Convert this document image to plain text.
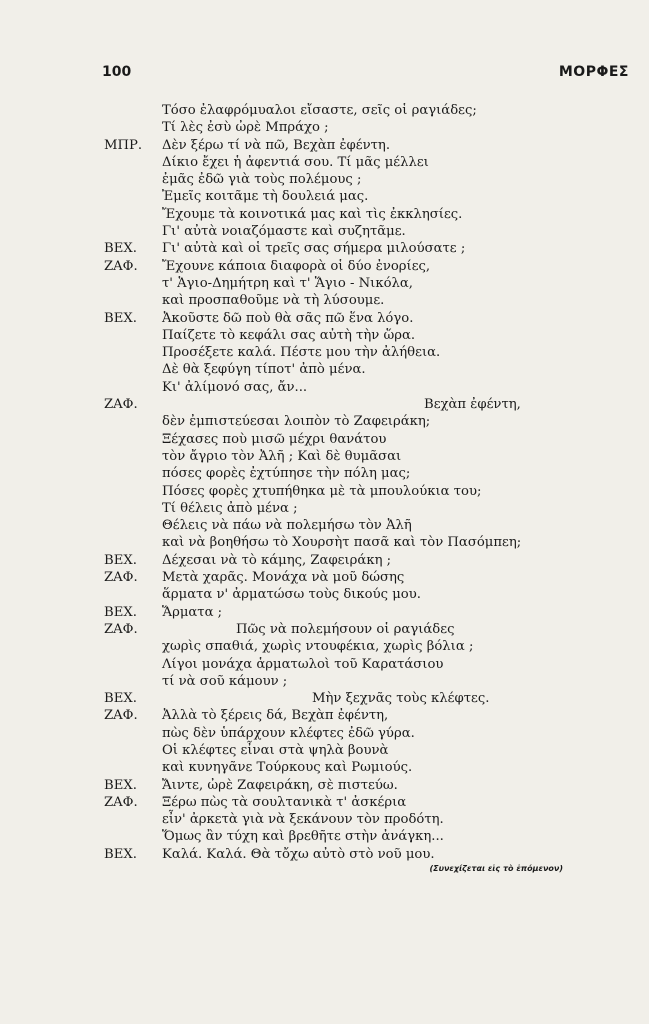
100	ΜΟΡΦΕΣ
Τόσο ἐλαφρόμυαλοι εἴσαστε, σεῖς οἱ ραγιάδες;
Τί λὲς ἐσὺ ὠρὲ Μπράχο ;
ΜΠΡ. Δὲν ξέρω τί νὰ πῶ, Βεχὰπ ἐφέντη.
Δίκιο ἔχει ἡ ἀφεντιά σου. Τί μᾶς μέλλει
ἐμᾶς ἐδῶ γιὰ τοὺς πολέμους ;
Ἐμεῖς κοιτᾶμε τὴ δουλειά μας.
Ἔχουμε τὰ κοινοτικά μας καὶ τὶς ἐκκλησίες.
Γι' αὐτὰ νοιαζόμαστε καὶ συζητᾶμε.
ΒΕΧ. Γι' αὐτὰ καὶ οἱ τρεῖς σας σήμερα μιλούσατε ;
ΖΑΦ. Ἔχουνε κάποια διαφορὰ οἱ δύο ἐνορίες,
τ' Ἁγιο-Δημήτρη καὶ τ' Ἅγιο - Νικόλα,
καὶ προσπαθοῦμε νὰ τὴ λύσουμε.
ΒΕΧ. Ἀκοῦστε δῶ ποὺ θὰ σᾶς πῶ ἕνα λόγο.
Παίζετε τὸ κεφάλι σας αὐτὴ τὴν ὥρα.
Προσέξετε καλά. Πέστε μου τὴν ἀλήθεια.
Δὲ θὰ ξεφύγη τίποτ' ἀπὸ μένα.
Κι' ἀλίμονό σας, ἄν...
ΖΑΦ.	Βεχὰπ ἐφέντη,
δὲν ἐμπιστεύεσαι λοιπὸν τὸ Ζαφειράκη;
Ξέχασες ποὺ μισῶ μέχρι θανάτου
τὸν ἄγριο τὸν Ἀλῆ ; Καὶ δὲ θυμᾶσαι
πόσες φορὲς ἐχτύπησε τὴν πόλη μας;
Πόσες φορὲς χτυπήθηκα μὲ τὰ μπουλούκια του;
Τί θέλεις ἀπὸ μένα ;
Θέλεις νὰ πάω νὰ πολεμήσω τὸν Ἀλῆ
καὶ νὰ βοηθήσω τὸ Χουρσὴτ πασᾶ καὶ τὸν Πασόμπεη;
ΒΕΧ. Δέχεσαι νὰ τὸ κάμης, Ζαφειράκη ;
ΖΑΦ. Μετὰ χαρᾶς. Μονάχα νὰ μοῦ δώσης
ἅρματα ν' ἀρματώσω τοὺς δικούς μου.
ΒΕΧ. Ἅρματα ;
ΖΑΦ.	Πῶς νὰ πολεμήσουν οἱ ραγιάδες
χωρὶς σπαθιά, χωρὶς ντουφέκια, χωρὶς βόλια ;
Λίγοι μονάχα ἁρματωλοὶ τοῦ Καρατάσιου
τί νὰ σοῦ κάμουν ;
ΒΕΧ.	Μὴν ξεχνᾶς τοὺς κλέφτες.
ΖΑΦ. Ἀλλὰ τὸ ξέρεις δά, Βεχὰπ ἐφέντη,
πὼς δὲν ὑπάρχουν κλέφτες ἐδῶ γύρα.
Οἱ κλέφτες εἶναι στὰ ψηλὰ βουνὰ
καὶ κυνηγᾶνε Τούρκους καὶ Ρωμιούς.
ΒΕΧ. Ἄιντε, ὠρὲ Ζαφειράκη, σὲ πιστεύω.
ΖΑΦ. Ξέρω πὼς τὰ σουλτανικὰ τ' ἀσκέρια
εἶν' ἀρκετὰ γιὰ νὰ ξεκάνουν τὸν προδότη.
Ὅμως ἂν τύχη καὶ βρεθῆτε στὴν ἀνάγκη...
ΒΕΧ. Καλά. Καλά. Θὰ τὄχω αὐτὸ στὸ νοῦ μου.
(Συνεχίζεται εἰς τὸ ἑπόμενον)
